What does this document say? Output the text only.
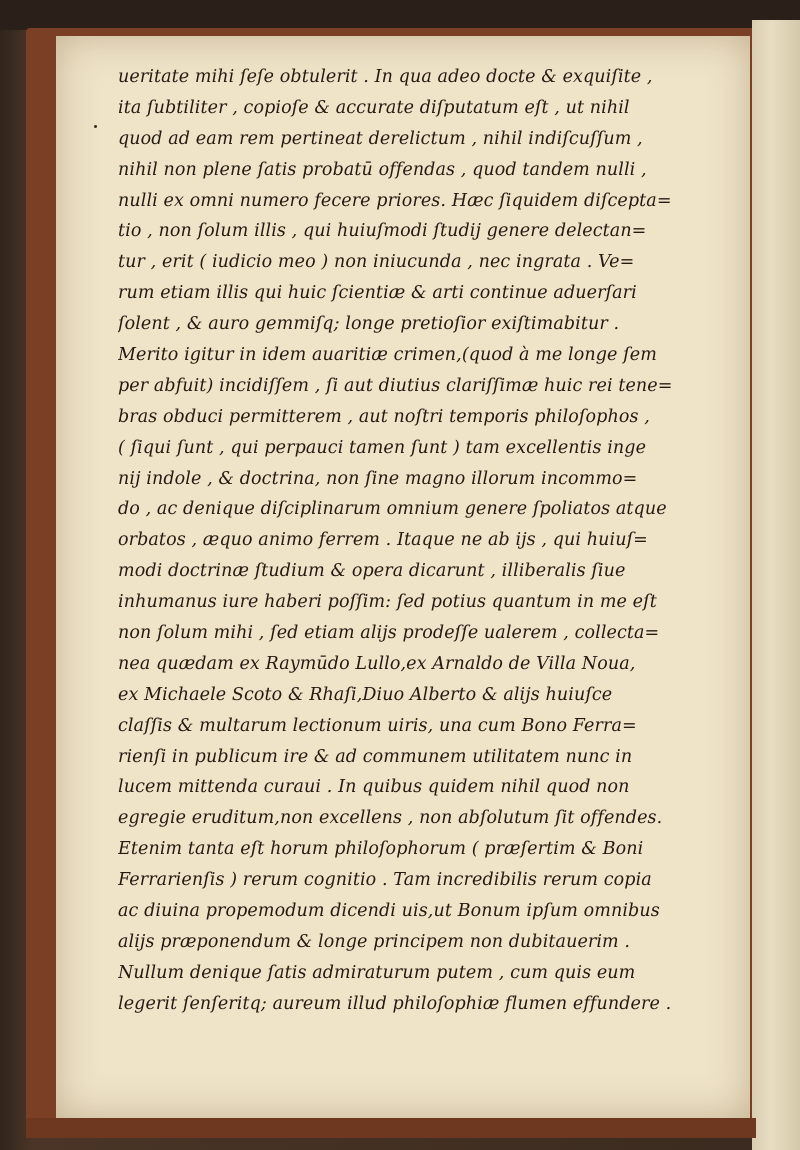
ueritate mihi ſeſe obtulerit . In qua adeo docte & exquiſite ,
ita ſubtiliter , copioſe & accurate diſputatum eſt , ut nihil
quod ad eam rem pertineat derelictum , nihil indiſcuſſum ,
nihil non plene ſatis probatū offendas , quod tandem nulli ,
nulli ex omni numero fecere priores. Hæc ſiquidem diſcepta=
tio , non ſolum illis , qui huiuſmodi ſtudij genere delectan=
tur , erit ( iudicio meo ) non iniucunda , nec ingrata . Ve=
rum etiam illis qui huic ſcientiæ & arti continue aduerſari
ſolent , & auro gemmiſq; longe pretioſior exiſtimabitur .
Merito igitur in idem auaritiæ crimen,(quod à me longe ſem
per abfuit) incidiſſem , ſi aut diutius clariſſimæ huic rei tene=
bras obduci permitterem , aut noſtri temporis philoſophos ,
( ſiqui ſunt , qui perpauci tamen ſunt ) tam excellentis inge
nij indole , & doctrina, non ſine magno illorum incommo=
do , ac denique diſciplinarum omnium genere ſpoliatos atque
orbatos , æquo animo ferrem . Itaque ne ab ijs , qui huiuſ=
modi doctrinæ ſtudium & opera dicarunt , illiberalis ſiue
inhumanus iure haberi poſſim: ſed potius quantum in me eſt
non ſolum mihi , ſed etiam alijs prodeſſe ualerem , collecta=
nea quædam ex Raymūdo Lullo,ex Arnaldo de Villa Noua,
ex Michaele Scoto & Rhaſi,Diuo Alberto & alijs huiuſce
claſſis & multarum lectionum uiris, una cum Bono Ferra=
rienſi in publicum ire & ad communem utilitatem nunc in
lucem mittenda curaui . In quibus quidem nihil quod non
egregie eruditum,non excellens , non abſolutum ſit offendes.
Etenim tanta eſt horum philoſophorum ( præſertim & Boni
Ferrarienſis ) rerum cognitio . Tam incredibilis rerum copia
ac diuina propemodum dicendi uis,ut Bonum ipſum omnibus
alijs præponendum & longe principem non dubitauerim .
Nullum denique ſatis admiraturum putem , cum quis eum
legerit ſenſeritq; aureum illud philoſophiæ flumen effundere .
